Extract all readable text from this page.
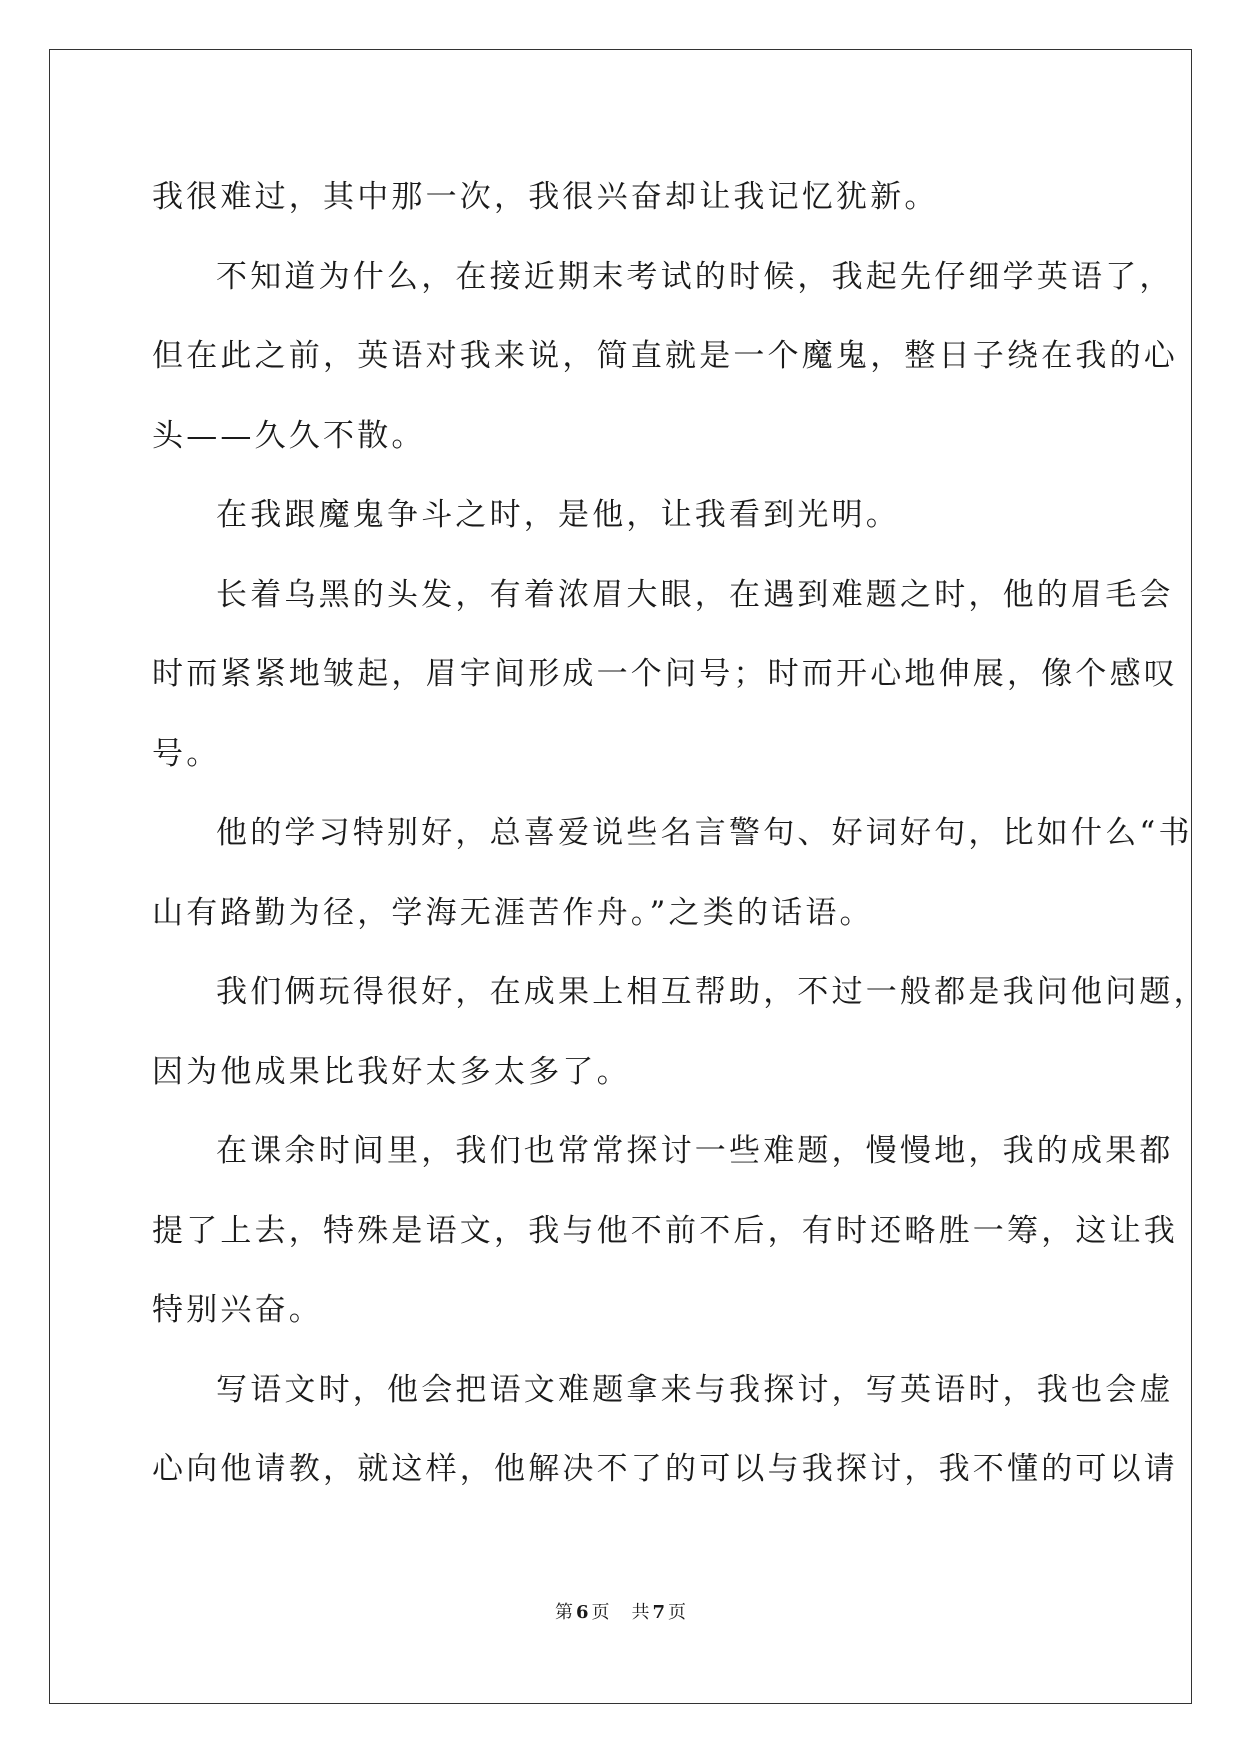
我很难过，其中那一次，我很兴奋却让我记忆犹新。
不知道为什么，在接近期末考试的时候，我起先仔细学英语了，
但在此之前，英语对我来说，简直就是一个魔鬼，整日子绕在我的心
头——久久不散。
在我跟魔鬼争斗之时，是他，让我看到光明。
长着乌黑的头发，有着浓眉大眼，在遇到难题之时，他的眉毛会
时而紧紧地皱起，眉宇间形成一个问号；时而开心地伸展，像个感叹
号。
他的学习特别好，总喜爱说些名言警句、好词好句，比如什么“书
山有路勤为径，学海无涯苦作舟。”之类的话语。
我们俩玩得很好，在成果上相互帮助，不过一般都是我问他问题，
因为他成果比我好太多太多了。
在课余时间里，我们也常常探讨一些难题，慢慢地，我的成果都
提了上去，特殊是语文，我与他不前不后，有时还略胜一筹，这让我
特别兴奋。
写语文时，他会把语文难题拿来与我探讨，写英语时，我也会虚
心向他请教，就这样，他解决不了的可以与我探讨，我不懂的可以请
第 6 页 共 7 页
